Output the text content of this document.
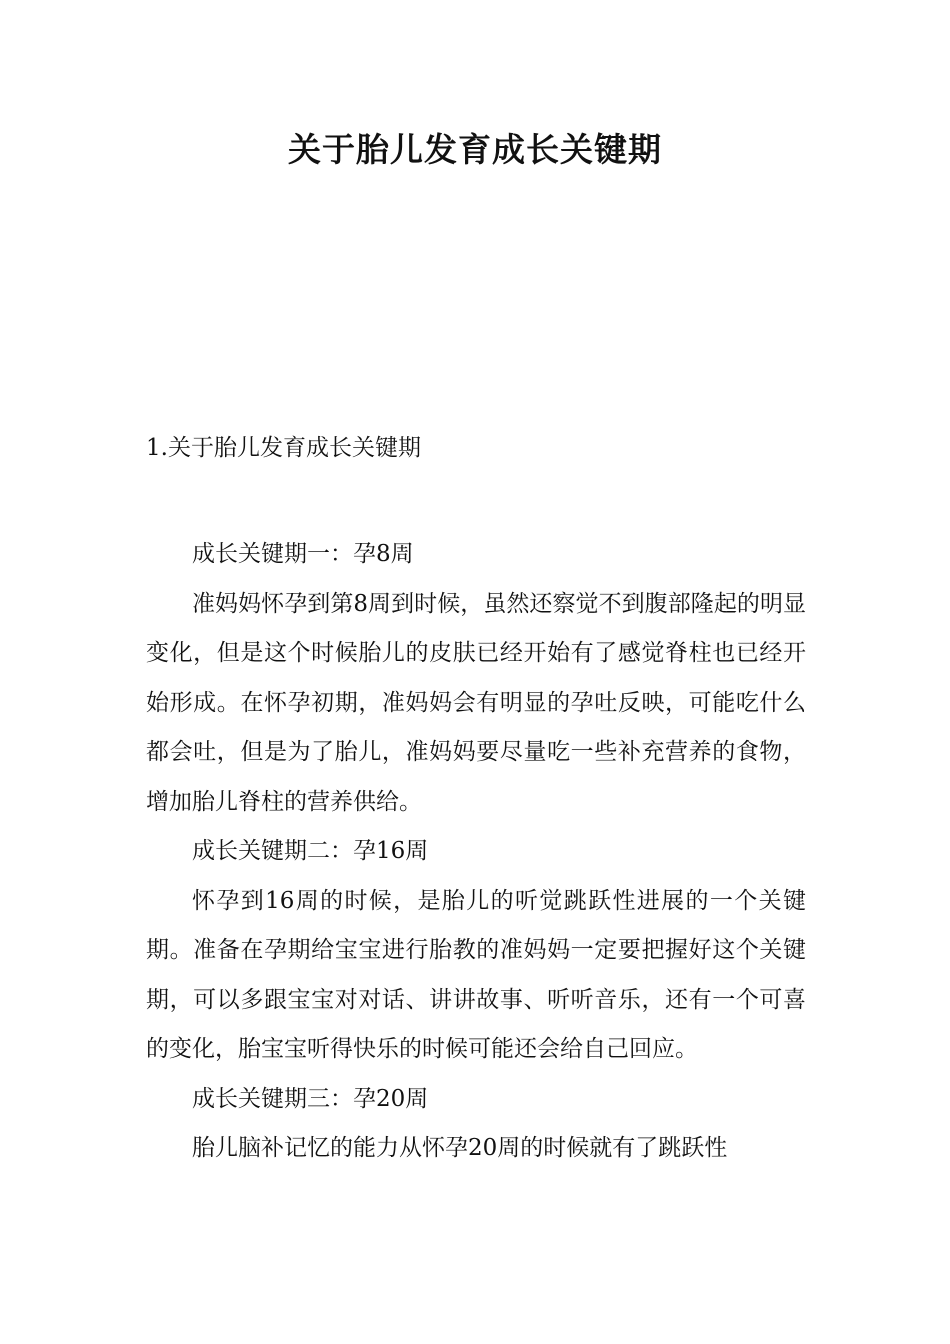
关于胎儿发育成长关键期

1.关于胎儿发育成长关键期

成长关键期一：孕8周

准妈妈怀孕到第8周到时候，虽然还察觉不到腹部隆起的明显变化，但是这个时候胎儿的皮肤已经开始有了感觉脊柱也已经开始形成。在怀孕初期，准妈妈会有明显的孕吐反映，可能吃什么都会吐，但是为了胎儿，准妈妈要尽量吃一些补充营养的食物，增加胎儿脊柱的营养供给。

成长关键期二：孕16周

怀孕到16周的时候，是胎儿的听觉跳跃性进展的一个关键期。准备在孕期给宝宝进行胎教的准妈妈一定要把握好这个关键期，可以多跟宝宝对对话、讲讲故事、听听音乐，还有一个可喜的变化，胎宝宝听得快乐的时候可能还会给自己回应。

成长关键期三：孕20周

胎儿脑补记忆的能力从怀孕20周的时候就有了跳跃性
